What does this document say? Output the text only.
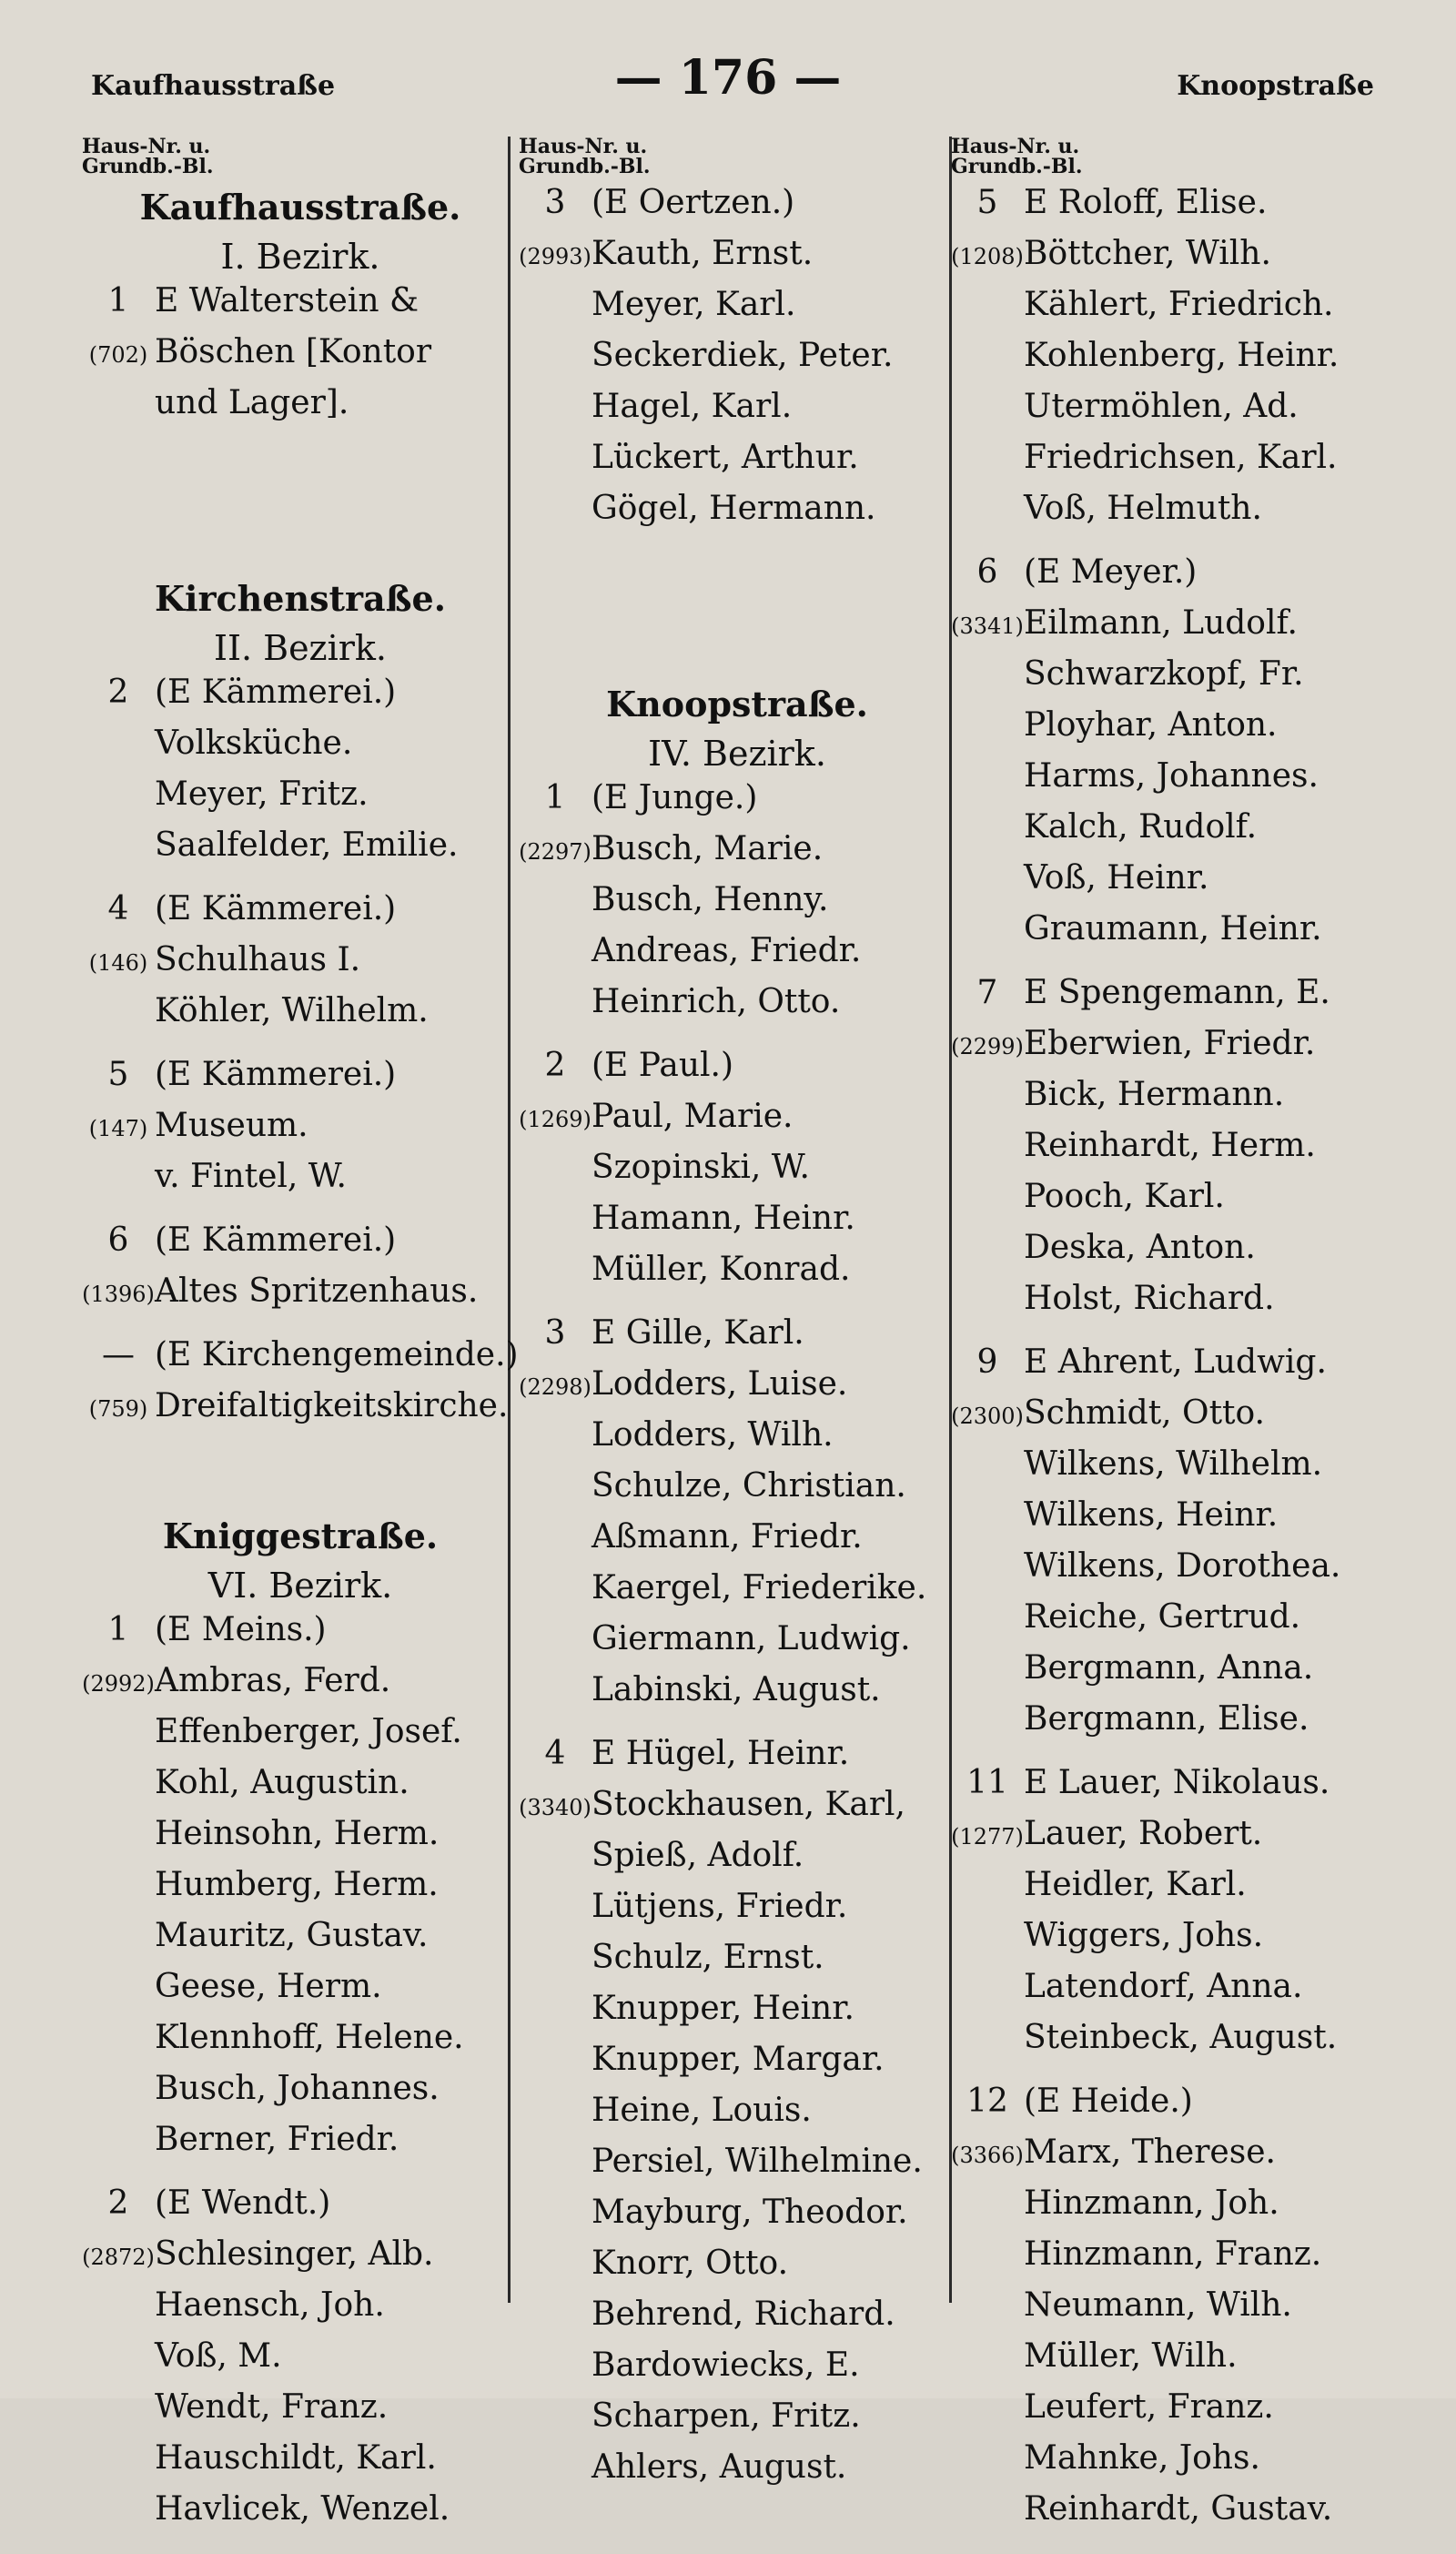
Kaufhausstraße	— 176 —	Knoopstraße
Haus-Nr. u.
Grundb.-Bl.
Kaufhausstraße.
I. Bezirk.
1 E Walterstein &
(702) Böschen [Kontor
und Lager].
Kirchenstraße.
II. Bezirk.
2 (E Kämmerei.)
Volksküche.
Meyer, Fritz.
Saalfelder, Emilie.
4 (E Kämmerei.)
(146) Schulhaus I.
Köhler, Wilhelm.
5 (E Kämmerei.)
(147) Museum.
v. Fintel, W.
6 (E Kämmerei.)
(1396) Altes Spritzenhaus.
— (E Kirchengemeinde.)
(759) Dreifaltigkeitskirche.
Kniggestraße.
VI. Bezirk.
1 (E Meins.)
(2992) Ambras, Ferd.
Effenberger, Josef.
Kohl, Augustin.
Heinsohn, Herm.
Humberg, Herm.
Mauritz, Gustav.
Geese, Herm.
Klennhoff, Helene.
Busch, Johannes.
Berner, Friedr.
2 (E Wendt.)
(2872) Schlesinger, Alb.
Haensch, Joh.
Voß, M.
Wendt, Franz.
Hauschildt, Karl.
Havlicek, Wenzel.
Haus-Nr. u.
Grundb.-Bl.
3 (E Oertzen.)
(2993) Kauth, Ernst.
Meyer, Karl.
Seckerdiek, Peter.
Hagel, Karl.
Lückert, Arthur.
Gögel, Hermann.
Knoopstraße.
IV. Bezirk.
1 (E Junge.)
(2297) Busch, Marie.
Busch, Henny.
Andreas, Friedr.
Heinrich, Otto.
2 (E Paul.)
(1269) Paul, Marie.
Szopinski, W.
Hamann, Heinr.
Müller, Konrad.
3 E Gille, Karl.
(2298) Lodders, Luise.
Lodders, Wilh.
Schulze, Christian.
Aßmann, Friedr.
Kaergel, Friederike.
Giermann, Ludwig.
Labinski, August.
4 E Hügel, Heinr.
(3340) Stockhausen, Karl,
Spieß, Adolf.
Lütjens, Friedr.
Schulz, Ernst.
Knupper, Heinr.
Knupper, Margar.
Heine, Louis.
Persiel, Wilhelmine.
Mayburg, Theodor.
Knorr, Otto.
Behrend, Richard.
Bardowiecks, E.
Scharpen, Fritz.
Ahlers, August.
Haus-Nr. u.
Grundb.-Bl.
5 E Roloff, Elise.
(1208) Böttcher, Wilh.
Kählert, Friedrich.
Kohlenberg, Heinr.
Utermöhlen, Ad.
Friedrichsen, Karl.
Voß, Helmuth.
6 (E Meyer.)
(3341) Eilmann, Ludolf.
Schwarzkopf, Fr.
Ployhar, Anton.
Harms, Johannes.
Kalch, Rudolf.
Voß, Heinr.
Graumann, Heinr.
7 E Spengemann, E.
(2299) Eberwien, Friedr.
Bick, Hermann.
Reinhardt, Herm.
Pooch, Karl.
Deska, Anton.
Holst, Richard.
9 E Ahrent, Ludwig.
(2300) Schmidt, Otto.
Wilkens, Wilhelm.
Wilkens, Heinr.
Wilkens, Dorothea.
Reiche, Gertrud.
Bergmann, Anna.
Bergmann, Elise.
11 E Lauer, Nikolaus.
(1277) Lauer, Robert.
Heidler, Karl.
Wiggers, Johs.
Latendorf, Anna.
Steinbeck, August.
12 (E Heide.)
(3366) Marx, Therese.
Hinzmann, Joh.
Hinzmann, Franz.
Neumann, Wilh.
Müller, Wilh.
Leufert, Franz.
Mahnke, Johs.
Reinhardt, Gustav.
